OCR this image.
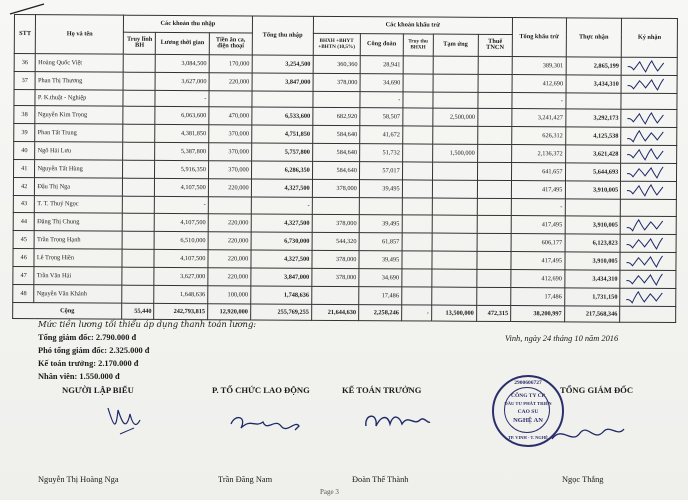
STT	Họ và tên	Các khoản thu nhập			Tổng thu nhập	Các khoản khấu trừ					Tổng khấu trừ	Thực nhận	Ký nhận
		Truy lĩnh BH	Lương thời gian	Tiền ăn ca, điện thoại		BHXH +BHYT +BHTN (10,5%)	Công đoàn	Truy thu BHXH	Tạm ứng	Thuế TNCN			
36	Hoàng Quốc Việt		3,084,500	170,000	3,254,500	360,360	28,941				389,301	2,865,199	
37	Phan Thị Thương		3,627,000	220,000	3,847,000	378,000	34,690				412,690	3,434,310	
	P. K.thuật - Nghiệp		-				-				-		
38	Nguyễn Kim Trọng		6,063,600	470,000	6,533,600	682,920	58,507		2,500,000		3,241,427	3,292,173	
39	Phan Tất Trung		4,381,850	370,000	4,751,850	584,640	41,672				626,312	4,125,538	
40	Ngô Hải Lưu		5,387,800	370,000	5,757,800	584,640	51,732		1,500,000		2,136,372	3,621,428	
41	Nguyễn Tất Hùng		5,916,350	370,000	6,286,350	584,640	57,017				641,657	5,644,693	
42	Đậu Thị Nga		4,107,500	220,000	4,327,500	378,000	39,495				417,495	3,910,005	
43	T. T. Thuý Ngọc		-		-						-		
44	Đặng Thị Chung		4,107,500	220,000	4,327,500	378,000	39,495				417,495	3,910,005	
45	Trần Trọng Hạnh		6,510,000	220,000	6,730,000	544,320	61,857				606,177	6,123,823	
46	Lê Trọng Hiền		4,107,500	220,000	4,327,500	378,000	39,495				417,495	3,910,005	
47	Trần Văn Hải		3,627,000	220,000	3,847,000	378,000	34,690				412,690	3,434,310	
48	Nguyễn Văn Khánh		1,648,636	100,000	1,748,636		17,486				17,486	1,731,150	
Cộng		55,440	242,793,815	12,920,000	255,769,255	21,644,630	2,258,246	-	13,500,000	472,315	38,200,997	217,568,346	
Mức tiền lương tối thiểu áp dụng thanh toán lương:
Tổng giám đốc: 2.790.000 đ
Phó tổng giám đốc: 2.325.000 đ
Kế toán trưởng: 2.170.000 đ
Nhân viên: 1.550.000 đ
Vinh, ngày 24 tháng 10 năm 2016
NGƯỜI LẬP BIỂU	P. TỔ CHỨC LAO ĐỘNG	KẾ TOÁN TRƯỞNG	TỔNG GIÁM ĐỐC
2900606727
CÔNG TY CP
ĐẦU TƯ PHÁT TRIỂN
CAO SU
NGHỆ AN
TP. VINH - T. NGHỆ
Nguyễn Thị Hoàng Nga	Trần Đăng Nam	Đoàn Thế Thành	Ngọc Thắng
Page 3
